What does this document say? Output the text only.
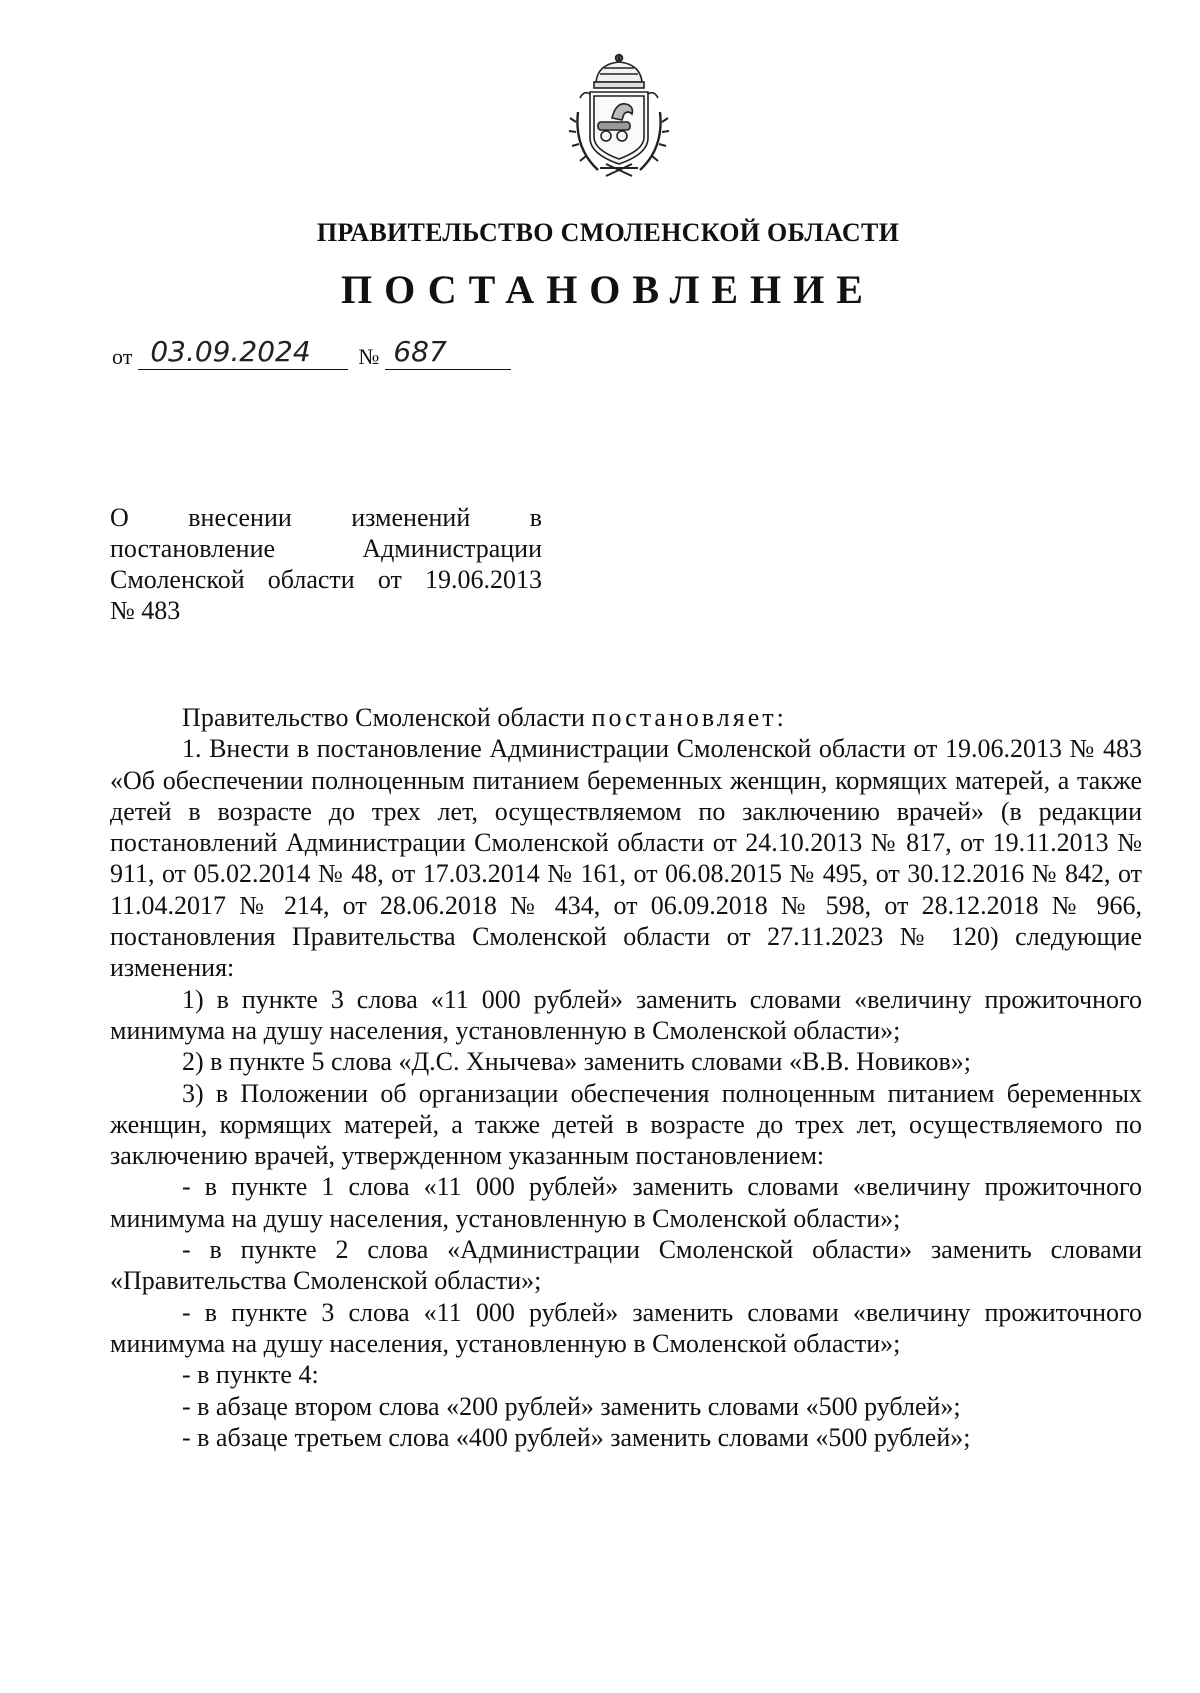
ПРАВИТЕЛЬСТВО СМОЛЕНСКОЙ ОБЛАСТИ
ПОСТАНОВЛЕНИЕ
от 03.09.2024	№ 687
О внесении изменений в
постановление Администрации
Смоленской области от 19.06.2013
№ 483

Правительство Смоленской области постановляет:

1. Внести в постановление Администрации Смоленской области от 19.06.2013 № 483 «Об обеспечении полноценным питанием беременных женщин, кормящих матерей, а также детей в возрасте до трех лет, осуществляемом по заключению врачей» (в редакции постановлений Администрации Смоленской области от 24.10.2013 № 817, от 19.11.2013 № 911, от 05.02.2014 № 48, от 17.03.2014 № 161, от 06.08.2015 № 495, от 30.12.2016 № 842, от 11.04.2017 № 214, от 28.06.2018 № 434, от 06.09.2018 № 598, от 28.12.2018 № 966, постановления Правительства Смоленской области от 27.11.2023 № 120) следующие изменения:

1) в пункте 3 слова «11 000 рублей» заменить словами «величину прожиточного минимума на душу населения, установленную в Смоленской области»;

2) в пункте 5 слова «Д.С. Хнычева» заменить словами «В.В. Новиков»;

3) в Положении об организации обеспечения полноценным питанием беременных женщин, кормящих матерей, а также детей в возрасте до трех лет, осуществляемого по заключению врачей, утвержденном указанным постановлением:

- в пункте 1 слова «11 000 рублей» заменить словами «величину прожиточного минимума на душу населения, установленную в Смоленской области»;

- в пункте 2 слова «Администрации Смоленской области» заменить словами «Правительства Смоленской области»;

- в пункте 3 слова «11 000 рублей» заменить словами «величину прожиточного минимума на душу населения, установленную в Смоленской области»;

- в пункте 4:

- в абзаце втором слова «200 рублей» заменить словами «500 рублей»;

- в абзаце третьем слова «400 рублей» заменить словами «500 рублей»;
